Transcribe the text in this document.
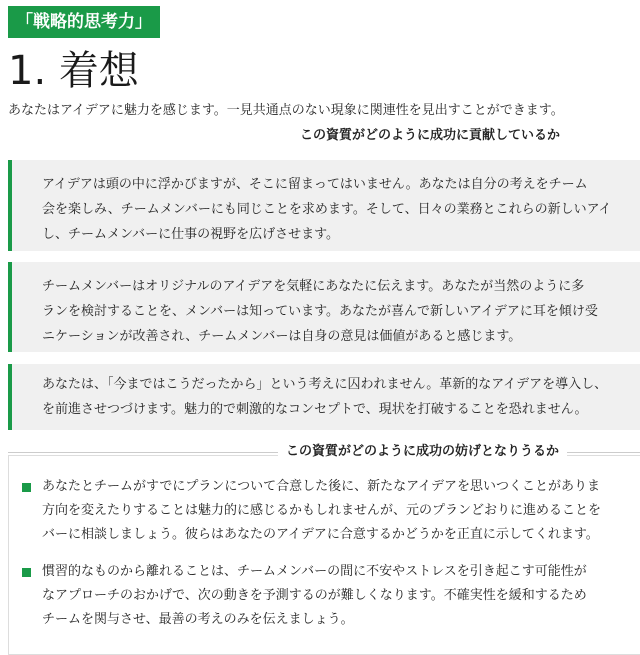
「戦略的思考力」
1. 着想
あなたはアイデアに魅力を感じます。一見共通点のない現象に関連性を見出すことができます。
この資質がどのように成功に貢献しているか
アイデアは頭の中に浮かびますが、そこに留まってはいません。あなたは自分の考えをチーム
会を楽しみ、チームメンバーにも同じことを求めます。そして、日々の業務とこれらの新しいアイ
し、チームメンバーに仕事の視野を広げさせます。
チームメンバーはオリジナルのアイデアを気軽にあなたに伝えます。あなたが当然のように多
ランを検討することを、メンバーは知っています。あなたが喜んで新しいアイデアに耳を傾け受
ニケーションが改善され、チームメンバーは自身の意見は価値があると感じます。
あなたは、「今まではこうだったから」という考えに囚われません。革新的なアイデアを導入し、
を前進させつづけます。魅力的で刺激的なコンセプトで、現状を打破することを恐れません。
この資質がどのように成功の妨げとなりうるか
あなたとチームがすでにプランについて合意した後に、新たなアイデアを思いつくことがありま
方向を変えたりすることは魅力的に感じるかもしれませんが、元のプランどおりに進めることを
バーに相談しましょう。彼らはあなたのアイデアに合意するかどうかを正直に示してくれます。
慣習的なものから離れることは、チームメンバーの間に不安やストレスを引き起こす可能性が
なアプローチのおかげで、次の動きを予測するのが難しくなります。不確実性を緩和するため
チームを関与させ、最善の考えのみを伝えましょう。
